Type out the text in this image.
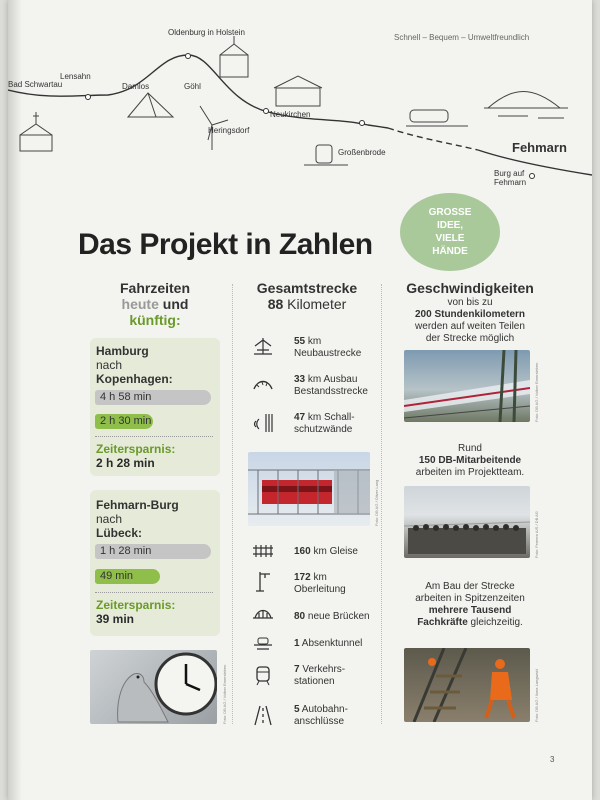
Bad Schwartau
Oldenburg in Holstein
Lensahn
Damlos	Göhl
Heringsdorf
Neukirchen
Großenbrode
Burg auf Fehmarn
Schnell – Bequem – Umweltfreundlich
Fehmarn
GROSSE
IDEE,
VIELE
HÄNDE
Das Projekt in Zahlen
Fahrzeiten
heute und
künftig:
Hamburg
nach
Kopenhagen:
4 h 58 min
2 h 30 min
Zeitersparnis:
2 h 28 min
Fehmarn-Burg
nach
Lübeck:
1 h 28 min
49 min
Zeitersparnis:
39 min
Foto: DB AG / Volker Emersleben
Gesamtstrecke
88 Kilometer
55 km
Neubaustrecke
33 km Ausbau
Bestandsstrecke
47 km Schall-
schutzwände
Foto: DB AG / Oliver Lang
160 km Gleise
172 km
Oberleitung
80 neue Brücken
1 Absenktunnel
7 Verkehrs-
stationen
5 Autobahn-
anschlüsse
Geschwindigkeiten
von bis zu
200 Stundenkilometern
werden auf weiten Teilen
der Strecke möglich
Foto: DB AG / Volker Emersleben
Rund
150 DB-Mitarbeitende
arbeiten im Projektteam.
Foto: Femern A/S / DB AG
Am Bau der Strecke
arbeiten in Spitzenzeiten
mehrere Tausend
Fachkräfte gleichzeitig.
Foto: DB AG / Ilona Langwald
3
